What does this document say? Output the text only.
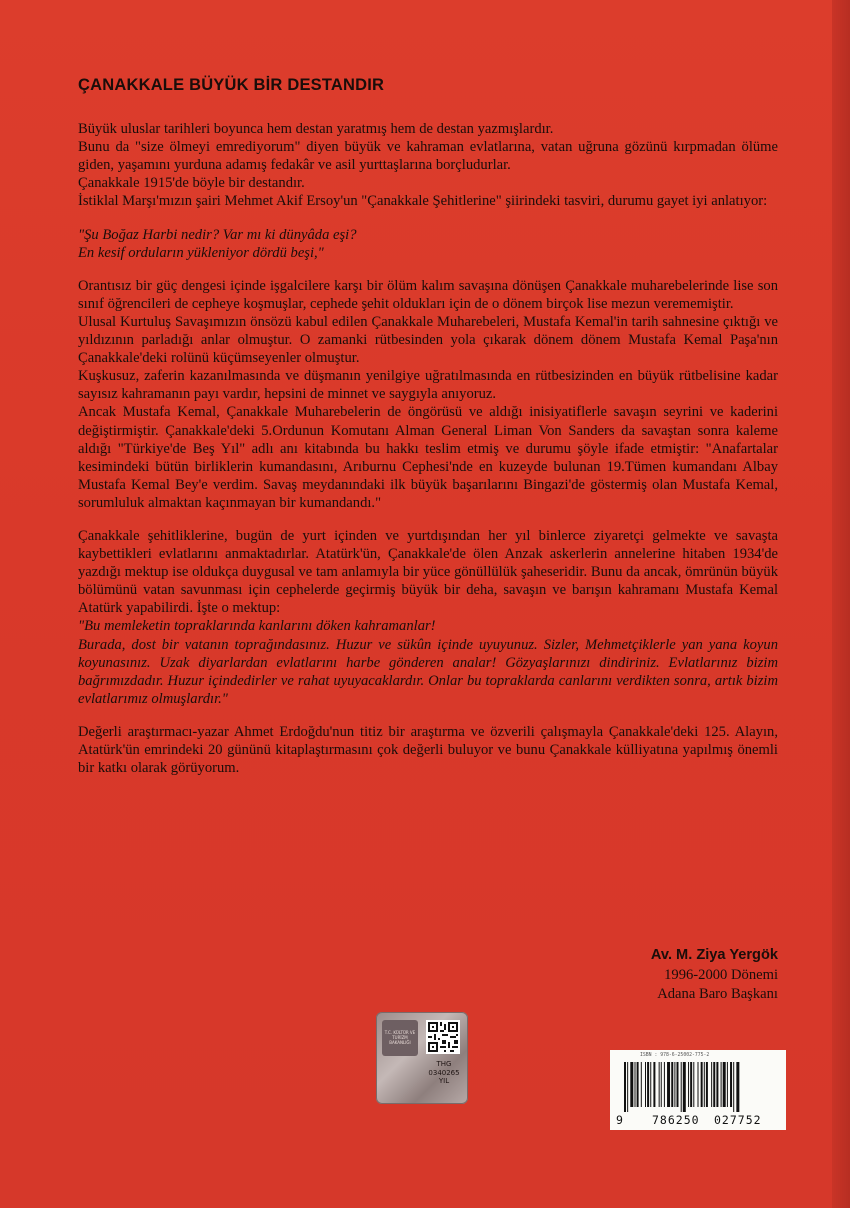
ÇANAKKALE BÜYÜK BİR DESTANDIR

Büyük uluslar tarihleri boyunca hem destan yaratmış hem de destan yazmışlardır.

Bunu da "size ölmeyi emrediyorum" diyen büyük ve kahraman evlatlarına, vatan uğruna gözünü kırpmadan ölüme giden, yaşamını yurduna adamış fedakâr ve asil yurttaşlarına borçludurlar.

Çanakkale 1915'de böyle bir destandır.

İstiklal Marşı'mızın şairi Mehmet Akif Ersoy'un "Çanakkale Şehitlerine" şiirindeki tasviri, durumu gayet iyi anlatıyor:

"Şu Boğaz Harbi nedir? Var mı ki dünyâda eşi?

En kesif orduların yükleniyor dördü beşi,"

Orantısız bir güç dengesi içinde işgalcilere karşı bir ölüm kalım savaşına dönüşen Çanakkale muharebelerinde lise son sınıf öğrencileri de cepheye koşmuşlar, cephede şehit oldukları için de o dönem birçok lise mezun verememiştir.

Ulusal Kurtuluş Savaşımızın önsözü kabul edilen Çanakkale Muharebeleri, Mustafa Kemal'in tarih sahnesine çıktığı ve yıldızının parladığı anlar olmuştur. O zamanki rütbesinden yola çıkarak dönem dönem Mustafa Kemal Paşa'nın Çanakkale'deki rolünü küçümseyenler olmuştur.

Kuşkusuz, zaferin kazanılmasında ve düşmanın yenilgiye uğratılmasında en rütbesizinden en büyük rütbelisine kadar sayısız kahramanın payı vardır, hepsini de minnet ve saygıyla anıyoruz.

Ancak Mustafa Kemal, Çanakkale Muharebelerin de öngörüsü ve aldığı inisiyatiflerle savaşın seyrini ve kaderini değiştirmiştir. Çanakkale'deki 5.Ordunun Komutanı Alman General Liman Von Sanders da savaştan sonra kaleme aldığı "Türkiye'de Beş Yıl" adlı anı kitabında bu hakkı teslim etmiş ve durumu şöyle ifade etmiştir: "Anafartalar kesimindeki bütün birliklerin kumandasını, Arıburnu Cephesi'nde en kuzeyde bulunan 19.Tümen kumandanı Albay Mustafa Kemal Bey'e verdim. Savaş meydanındaki ilk büyük başarılarını Bingazi'de göstermiş olan Mustafa Kemal, sorumluluk almaktan kaçınmayan bir kumandandı."

Çanakkale şehitliklerine, bugün de yurt içinden ve yurtdışından her yıl binlerce ziyaretçi gelmekte ve savaşta kaybettikleri evlatlarını anmaktadırlar. Atatürk'ün, Çanakkale'de ölen Anzak askerlerin annelerine hitaben 1934'de yazdığı mektup ise oldukça duygusal ve tam anlamıyla bir yüce gönüllülük şaheseridir. Bunu da ancak, ömrünün büyük bölümünü vatan savunması için cephelerde geçirmiş büyük bir deha, savaşın ve barışın kahramanı Mustafa Kemal Atatürk yapabilirdi. İşte o mektup:

"Bu memleketin topraklarında kanlarını döken kahramanlar!

Burada, dost bir vatanın toprağındasınız. Huzur ve sükûn içinde uyuyunuz. Sizler, Mehmetçiklerle yan yana koyun koyunasınız. Uzak diyarlardan evlatlarını harbe gönderen analar! Gözyaşlarınızı dindiriniz. Evlatlarınız bizim bağrımızdadır. Huzur içindedirler ve rahat uyuyacaklardır. Onlar bu topraklarda canlarını verdikten sonra, artık bizim evlatlarımız olmuşlardır."

Değerli araştırmacı-yazar Ahmet Erdoğdu'nun titiz bir araştırma ve özverili çalışmayla Çanakkale'deki 125. Alayın, Atatürk'ün emrindeki 20 gününü kitaplaştırmasını çok değerli buluyor ve bunu Çanakkale külliyatına yapılmış önemli bir katkı olarak görüyorum.

Av. M. Ziya Yergök
1996-2000 Dönemi
Adana Baro Başkanı
T.C. KÜLTÜR VE TURİZM BAKANLIĞI
THG
0340265
YIL
ISBN : 978-6-25002-775-2
9	786250 027752
